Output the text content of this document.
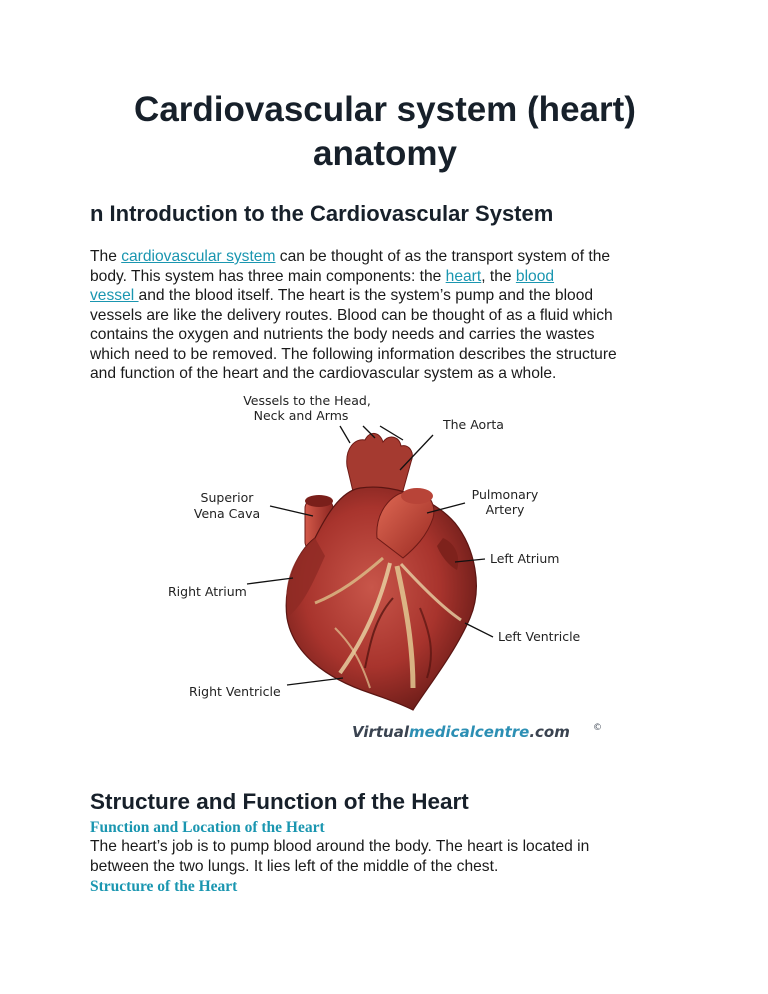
Cardiovascular system (heart)
anatomy
n Introduction to the Cardiovascular System
The cardiovascular system can be thought of as the transport system of the
body. This system has three main components: the heart, the blood
vessel and the blood itself. The heart is the system’s pump and the blood
vessels are like the delivery routes. Blood can be thought of as a fluid which
contains the oxygen and nutrients the body needs and carries the wastes
which need to be removed. The following information describes the structure
and function of the heart and the cardiovascular system as a whole.
Vessels to the Head,
Neck and Arms
The Aorta
Superior
Vena Cava
Pulmonary
Artery
Left Atrium
Right Atrium
Left Ventricle
Right Ventricle
Virtualmedicalcentre.com	©
Structure and Function of the Heart
Function and Location of the Heart
The heart’s job is to pump blood around the body. The heart is located in
between the two lungs. It lies left of the middle of the chest.
Structure of the Heart
